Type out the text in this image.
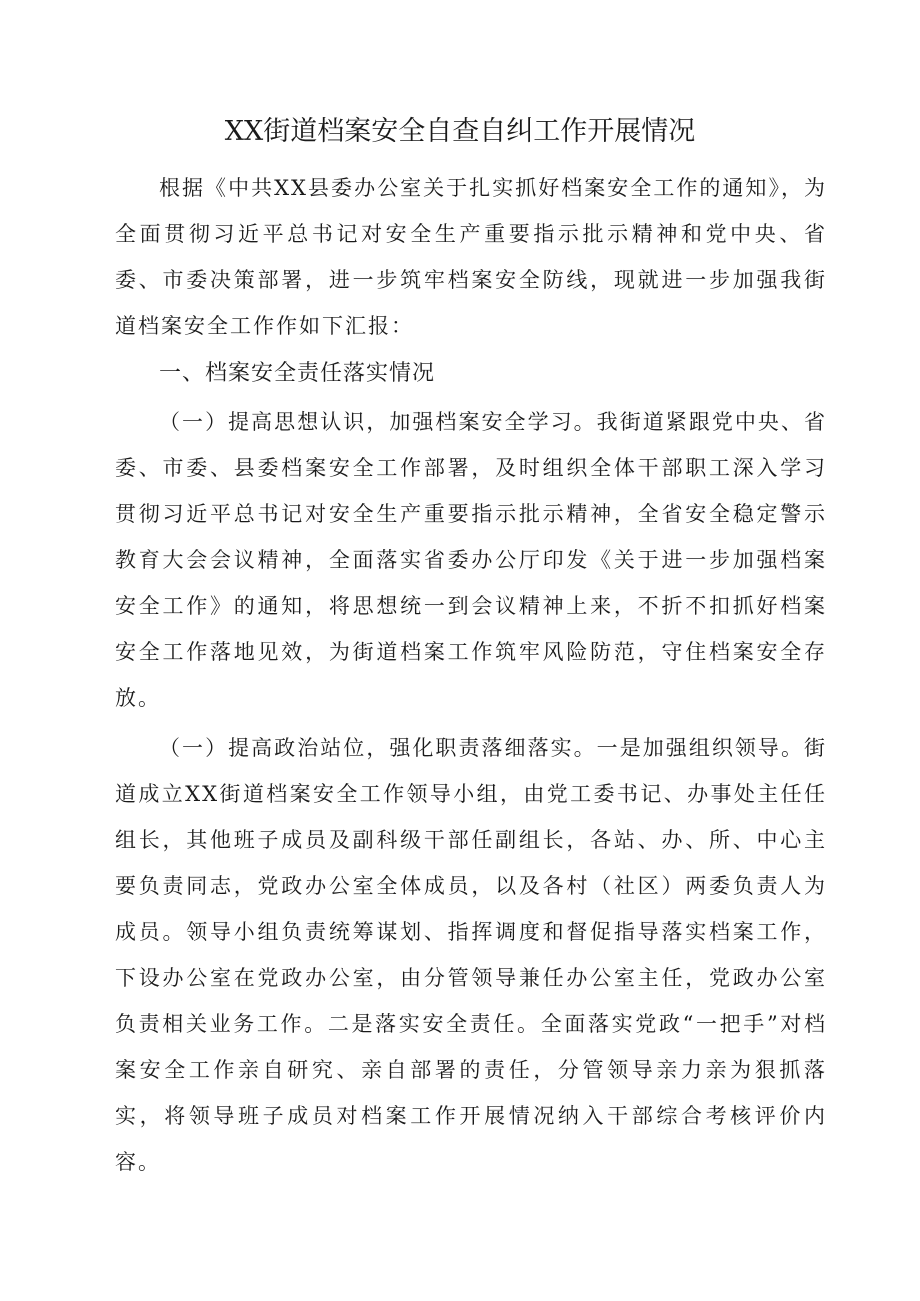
XX街道档案安全自查自纠工作开展情况

根据《中共XX县委办公室关于扎实抓好档案安全工作的通知》，为全面贯彻习近平总书记对安全生产重要指示批示精神和党中央、省委、市委决策部署，进一步筑牢档案安全防线，现就进一步加强我街道档案安全工作作如下汇报：

一、档案安全责任落实情况

（一）提高思想认识，加强档案安全学习。我街道紧跟党中央、省委、市委、县委档案安全工作部署，及时组织全体干部职工深入学习贯彻习近平总书记对安全生产重要指示批示精神，全省安全稳定警示教育大会会议精神，全面落实省委办公厅印发《关于进一步加强档案安全工作》的通知，将思想统一到会议精神上来，不折不扣抓好档案安全工作落地见效，为街道档案工作筑牢风险防范，守住档案安全存放。

（一）提高政治站位，强化职责落细落实。一是加强组织领导。街道成立XX街道档案安全工作领导小组，由党工委书记、办事处主任任组长，其他班子成员及副科级干部任副组长，各站、办、所、中心主要负责同志，党政办公室全体成员，以及各村（社区）两委负责人为成员。领导小组负责统筹谋划、指挥调度和督促指导落实档案工作，下设办公室在党政办公室，由分管领导兼任办公室主任，党政办公室负责相关业务工作。二是落实安全责任。全面落实党政“一把手”对档案安全工作亲自研究、亲自部署的责任，分管领导亲力亲为狠抓落实，将领导班子成员对档案工作开展情况纳入干部综合考核评价内容。
